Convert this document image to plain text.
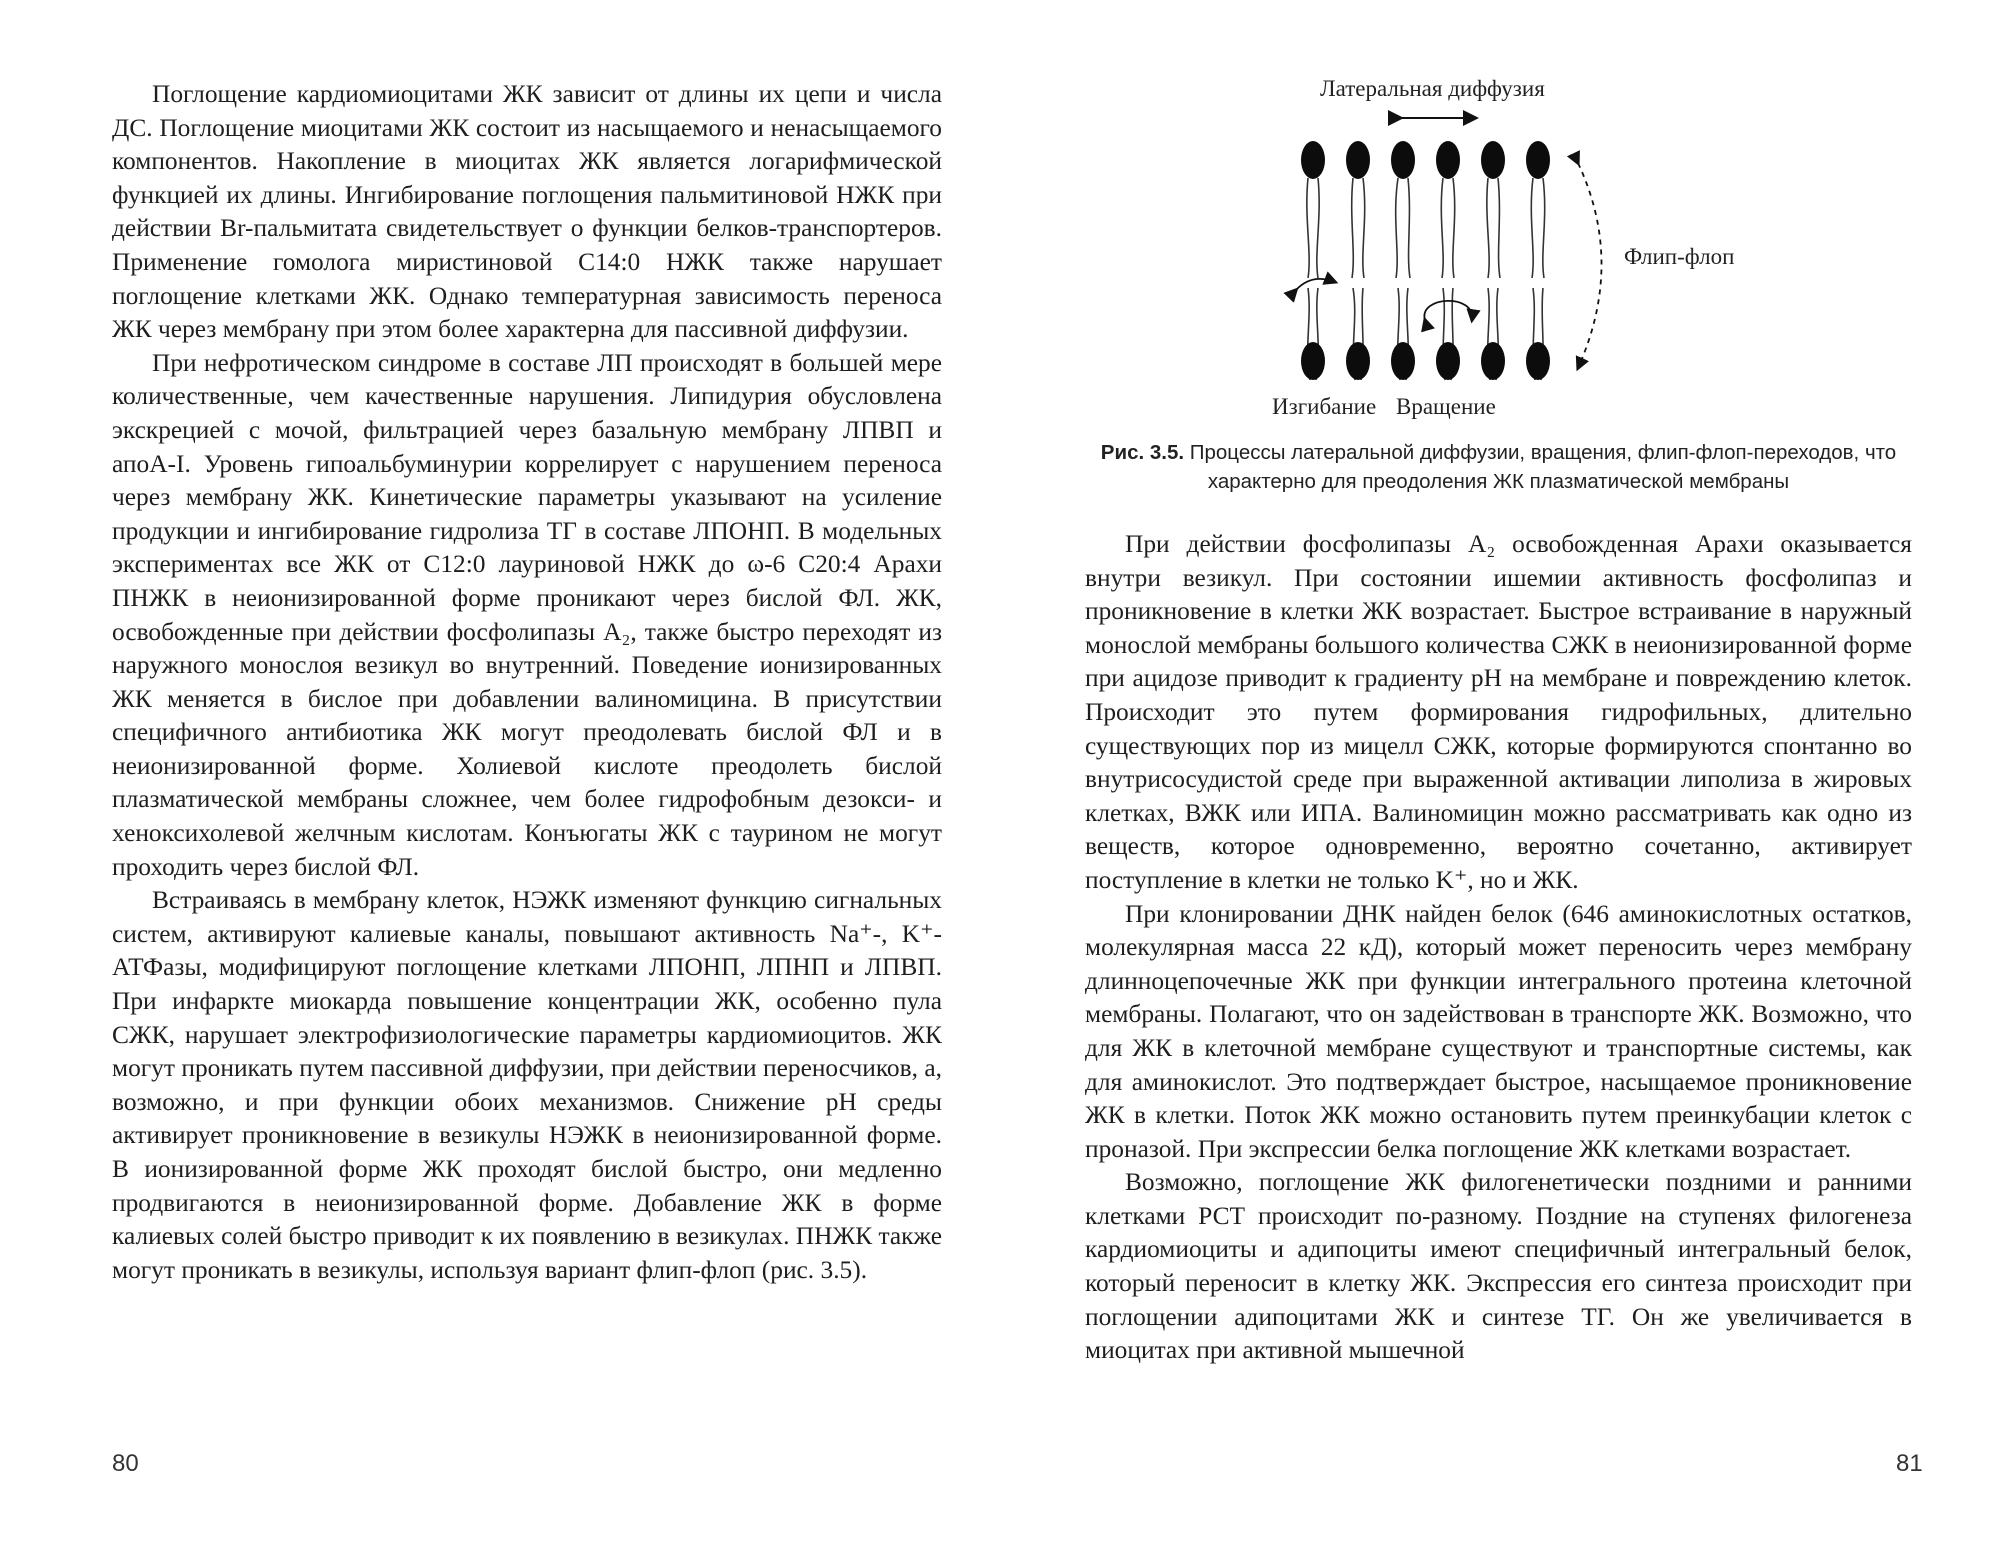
Поглощение кардиомиоцитами ЖК зависит от длины их цепи и числа ДС. Поглощение миоцитами ЖК состоит из насыщаемого и ненасыщаемого компонентов. Накопление в миоцитах ЖК является логарифмической функцией их длины. Ингибирование поглощения пальмитиновой НЖК при действии Br-пальмитата свидетельствует о функции белков-транспортеров. Применение гомолога миристиновой С14:0 НЖК также нарушает поглощение клетками ЖК. Однако температурная зависимость переноса ЖК через мембрану при этом более характерна для пассивной диффузии.

При нефротическом синдроме в составе ЛП происходят в большей мере количественные, чем качественные нарушения. Липидурия обусловлена экскрецией с мочой, фильтрацией через базальную мембрану ЛПВП и апоА-I. Уровень гипоальбуминурии коррелирует с нарушением переноса через мембрану ЖК. Кинетические параметры указывают на усиление продукции и ингибирование гидролиза ТГ в составе ЛПОНП. В модельных экспериментах все ЖК от С12:0 лауриновой НЖК до ω-6 С20:4 Арахи ПНЖК в неионизированной форме проникают через бислой ФЛ. ЖК, освобожденные при действии фосфолипазы А₂, также быстро переходят из наружного монослоя везикул во внутренний. Поведение ионизированных ЖК меняется в бислое при добавлении валиномицина. В присутствии специфичного антибиотика ЖК могут преодолевать бислой ФЛ и в неионизированной форме. Холиевой кислоте преодолеть бислой плазматической мембраны сложнее, чем более гидрофобным дезокси- и хеноксихолевой желчным кислотам. Конъюгаты ЖК с таурином не могут проходить через бислой ФЛ.

Встраиваясь в мембрану клеток, НЭЖК изменяют функцию сигнальных систем, активируют калиевые каналы, повышают активность Na⁺-, K⁺-АТФазы, модифицируют поглощение клетками ЛПОНП, ЛПНП и ЛПВП. При инфаркте миокарда повышение концентрации ЖК, особенно пула СЖК, нарушает электрофизиологические параметры кардиомиоцитов. ЖК могут проникать путем пассивной диффузии, при действии переносчиков, а, возможно, и при функции обоих механизмов. Снижение рН среды активирует проникновение в везикулы НЭЖК в неионизированной форме. В ионизированной форме ЖК проходят бислой быстро, они медленно продвигаются в неионизированной форме. Добавление ЖК в форме калиевых солей быстро приводит к их появлению в везикулах. ПНЖК также могут проникать в везикулы, используя вариант флип-флоп (рис. 3.5).

80
Латеральная диффузия
Флип-флоп
Изгибание Вращение
Рис. 3.5. Процессы латеральной диффузии, вращения, флип-флоп-переходов, что характерно для преодоления ЖК плазматической мембраны

При действии фосфолипазы А₂ освобожденная Арахи оказывается внутри везикул. При состоянии ишемии активность фосфолипаз и проникновение в клетки ЖК возрастает. Быстрое встраивание в наружный монослой мембраны большого количества СЖК в неионизированной форме при ацидозе приводит к градиенту рН на мембране и повреждению клеток. Происходит это путем формирования гидрофильных, длительно существующих пор из мицелл СЖК, которые формируются спонтанно во внутрисосудистой среде при выраженной активации липолиза в жировых клетках, ВЖК или ИПА. Валиномицин можно рассматривать как одно из веществ, которое одновременно, вероятно сочетанно, активирует поступление в клетки не только K⁺, но и ЖК.

При клонировании ДНК найден белок (646 аминокислотных остатков, молекулярная масса 22 кД), который может переносить через мембрану длинноцепочечные ЖК при функции интегрального протеина клеточной мембраны. Полагают, что он задействован в транспорте ЖК. Возможно, что для ЖК в клеточной мембране существуют и транспортные системы, как для аминокислот. Это подтверждает быстрое, насыщаемое проникновение ЖК в клетки. Поток ЖК можно остановить путем преинкубации клеток с проназой. При экспрессии белка поглощение ЖК клетками возрастает.

Возможно, поглощение ЖК филогенетически поздними и ранними клетками РСТ происходит по-разному. Поздние на ступенях филогенеза кардиомиоциты и адипоциты имеют специфичный интегральный белок, который переносит в клетку ЖК. Экспрессия его синтеза происходит при поглощении адипоцитами ЖК и синтезе ТГ. Он же увеличивается в миоцитах при активной мышечной

81
